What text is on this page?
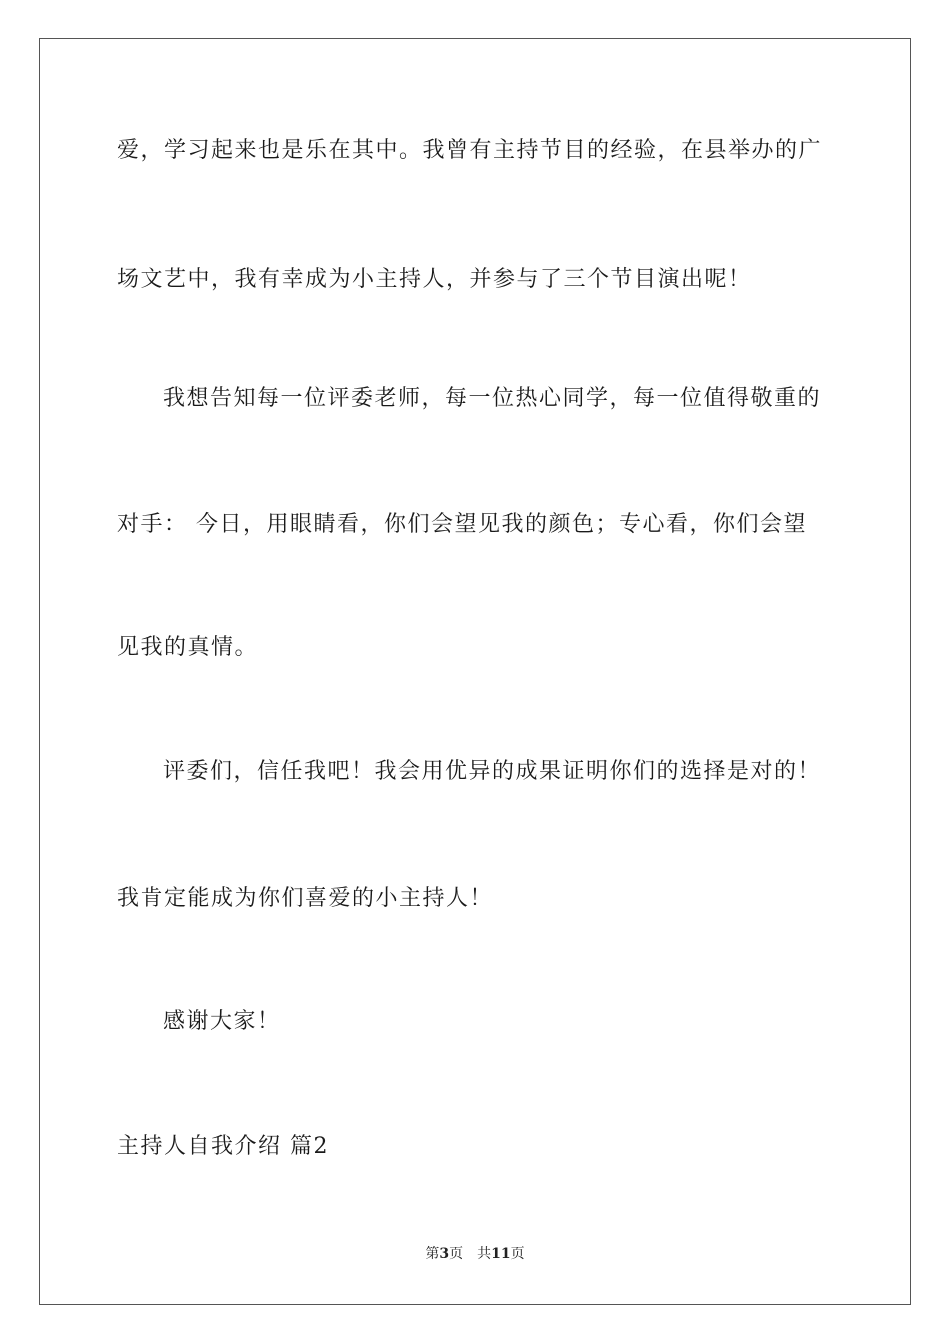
爱，学习起来也是乐在其中。我曾有主持节目的经验，在县举办的广
场文艺中，我有幸成为小主持人，并参与了三个节目演出呢！
我想告知每一位评委老师，每一位热心同学，每一位值得敬重的
对手： 今日，用眼睛看，你们会望见我的颜色；专心看，你们会望
见我的真情。
评委们，信任我吧！我会用优异的成果证明你们的选择是对的！
我肯定能成为你们喜爱的小主持人！
感谢大家！
主持人自我介绍 篇2
第3页 共11页
